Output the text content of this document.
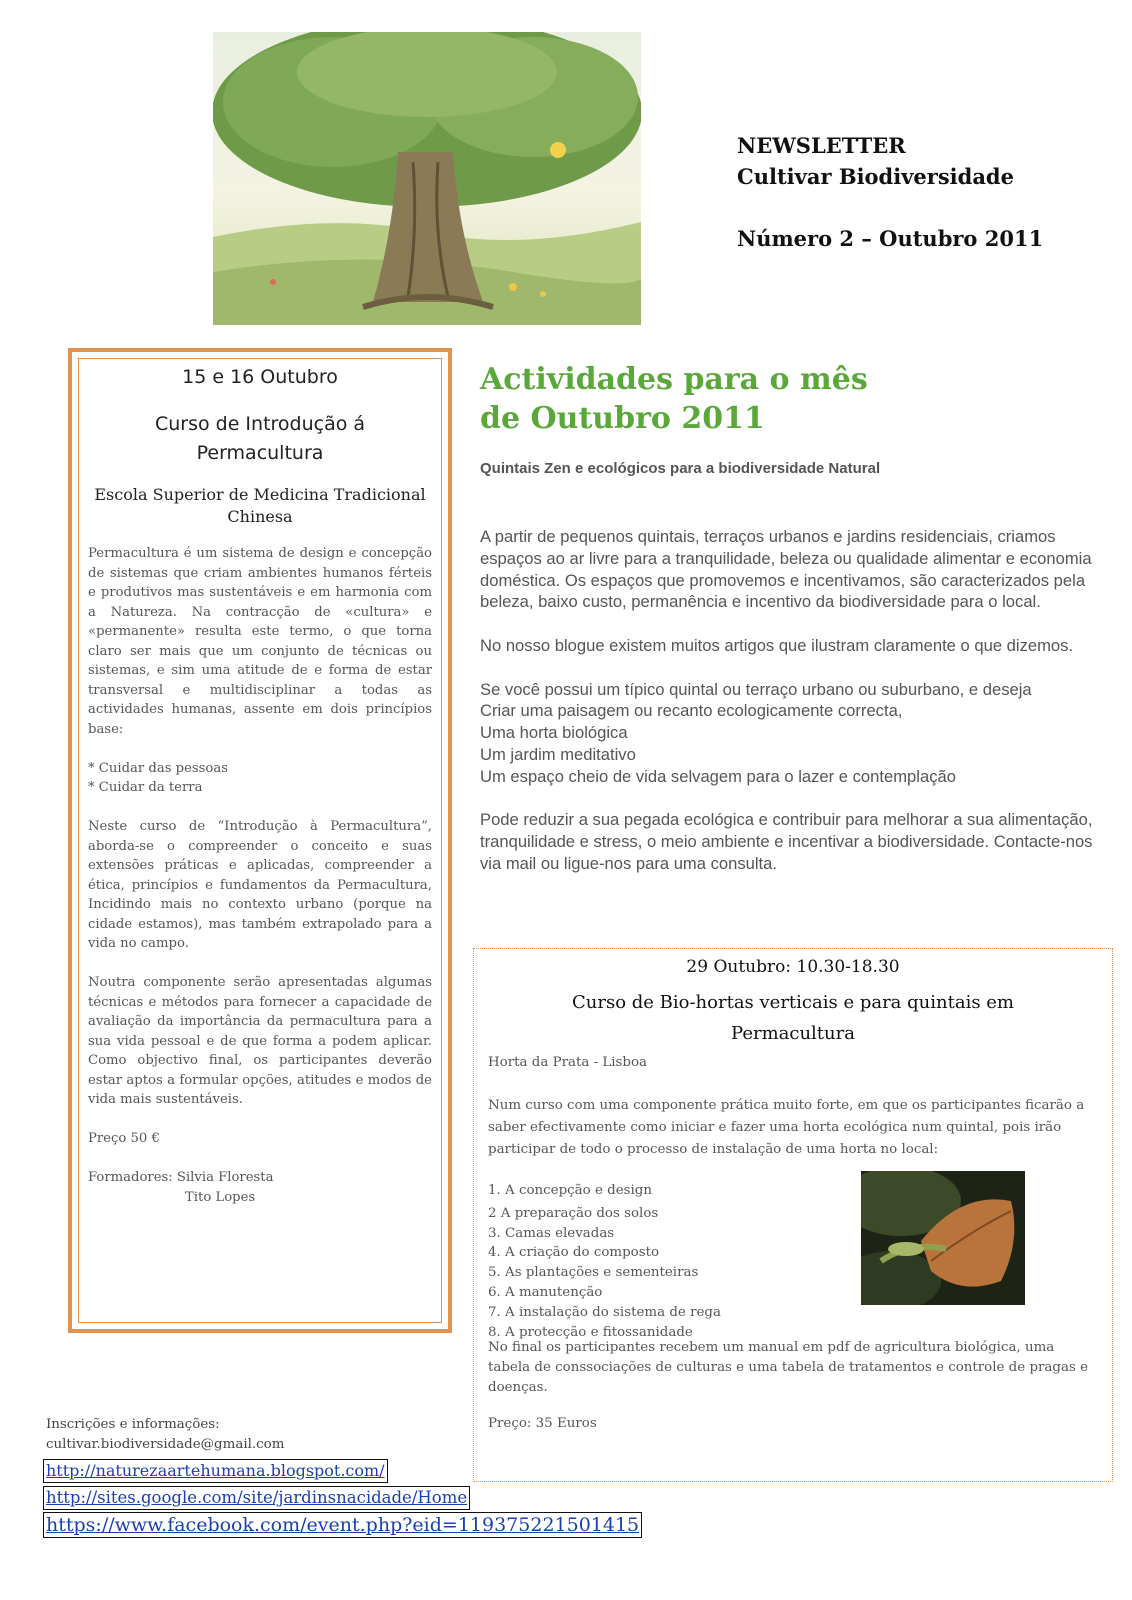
NEWSLETTER
Cultivar Biodiversidade
Número 2 – Outubro 2011
15 e 16 Outubro
Curso de Introdução á Permacultura
Escola Superior de Medicina Tradicional Chinesa

Permacultura é um sistema de design e concepção de sistemas que criam ambientes humanos férteis e produtivos mas sustentáveis e em harmonia com a Natureza. Na contracção de «cultura» e «permanente» resulta este termo, o que torna claro ser mais que um conjunto de técnicas ou sistemas, e sim uma atitude de e forma de estar transversal e multidisciplinar a todas as actividades humanas, assente em dois princípios base:

* Cuidar das pessoas

* Cuidar da terra

Neste curso de “Introdução à Permacultura”, aborda-se o compreender o conceito e suas extensões práticas e aplicadas, compreender a ética, princípios e fundamentos da Permacultura, Incidindo mais no contexto urbano (porque na cidade estamos), mas também extrapolado para a vida no campo.

Noutra componente serão apresentadas algumas técnicas e métodos para fornecer a capacidade de avaliação da importância da permacultura para a sua vida pessoal e de que forma a podem aplicar. Como objectivo final, os participantes deverão estar aptos a formular opções, atitudes e modos de vida mais sustentáveis.

Preço 50 €

Formadores: Silvia Floresta

Tito Lopes

Actividades para o mês
de Outubro 2011
Quintais Zen e ecológicos para a biodiversidade Natural

A partir de pequenos quintais, terraços urbanos e jardins residenciais, criamos espaços ao ar livre para a tranquilidade, beleza ou qualidade alimentar e economia doméstica. Os espaços que promovemos e incentivamos, são caracterizados pela beleza, baixo custo, permanência e incentivo da biodiversidade para o local.

No nosso blogue existem muitos artigos que ilustram claramente o que dizemos.

Se você possui um típico quintal ou terraço urbano ou suburbano, e deseja

Criar uma paisagem ou recanto ecologicamente correcta,

Uma horta biológica

Um jardim meditativo

Um espaço cheio de vida selvagem para o lazer e contemplação

Pode reduzir a sua pegada ecológica e contribuir para melhorar a sua alimentação, tranquilidade e stress, o meio ambiente e incentivar a biodiversidade. Contacte-nos via mail ou ligue-nos para uma consulta.

29 Outubro: 10.30-18.30
Curso de Bio-hortas verticais e para quintais em Permacultura
Horta da Prata - Lisboa
Num curso com uma componente prática muito forte, em que os participantes ficarão a saber efectivamente como iniciar e fazer uma horta ecológica num quintal, pois irão participar de todo o processo de instalação de uma horta no local:
1. A concepção e design
2 A preparação dos solos
3. Camas elevadas
4. A criação do composto
5. As plantações e sementeiras
6. A manutenção
7. A instalação do sistema de rega
8. A protecção e fitossanidade
No final os participantes recebem um manual em pdf de agricultura biológica, uma tabela de conssociações de culturas e uma tabela de tratamentos e controle de pragas e doenças.
Preço: 35 Euros
Inscrições e informações:
cultivar.biodiversidade@gmail.com
http://naturezaartehumana.blogspot.com/
http://sites.google.com/site/jardinsnacidade/Home
https://www.facebook.com/event.php?eid=119375221501415
